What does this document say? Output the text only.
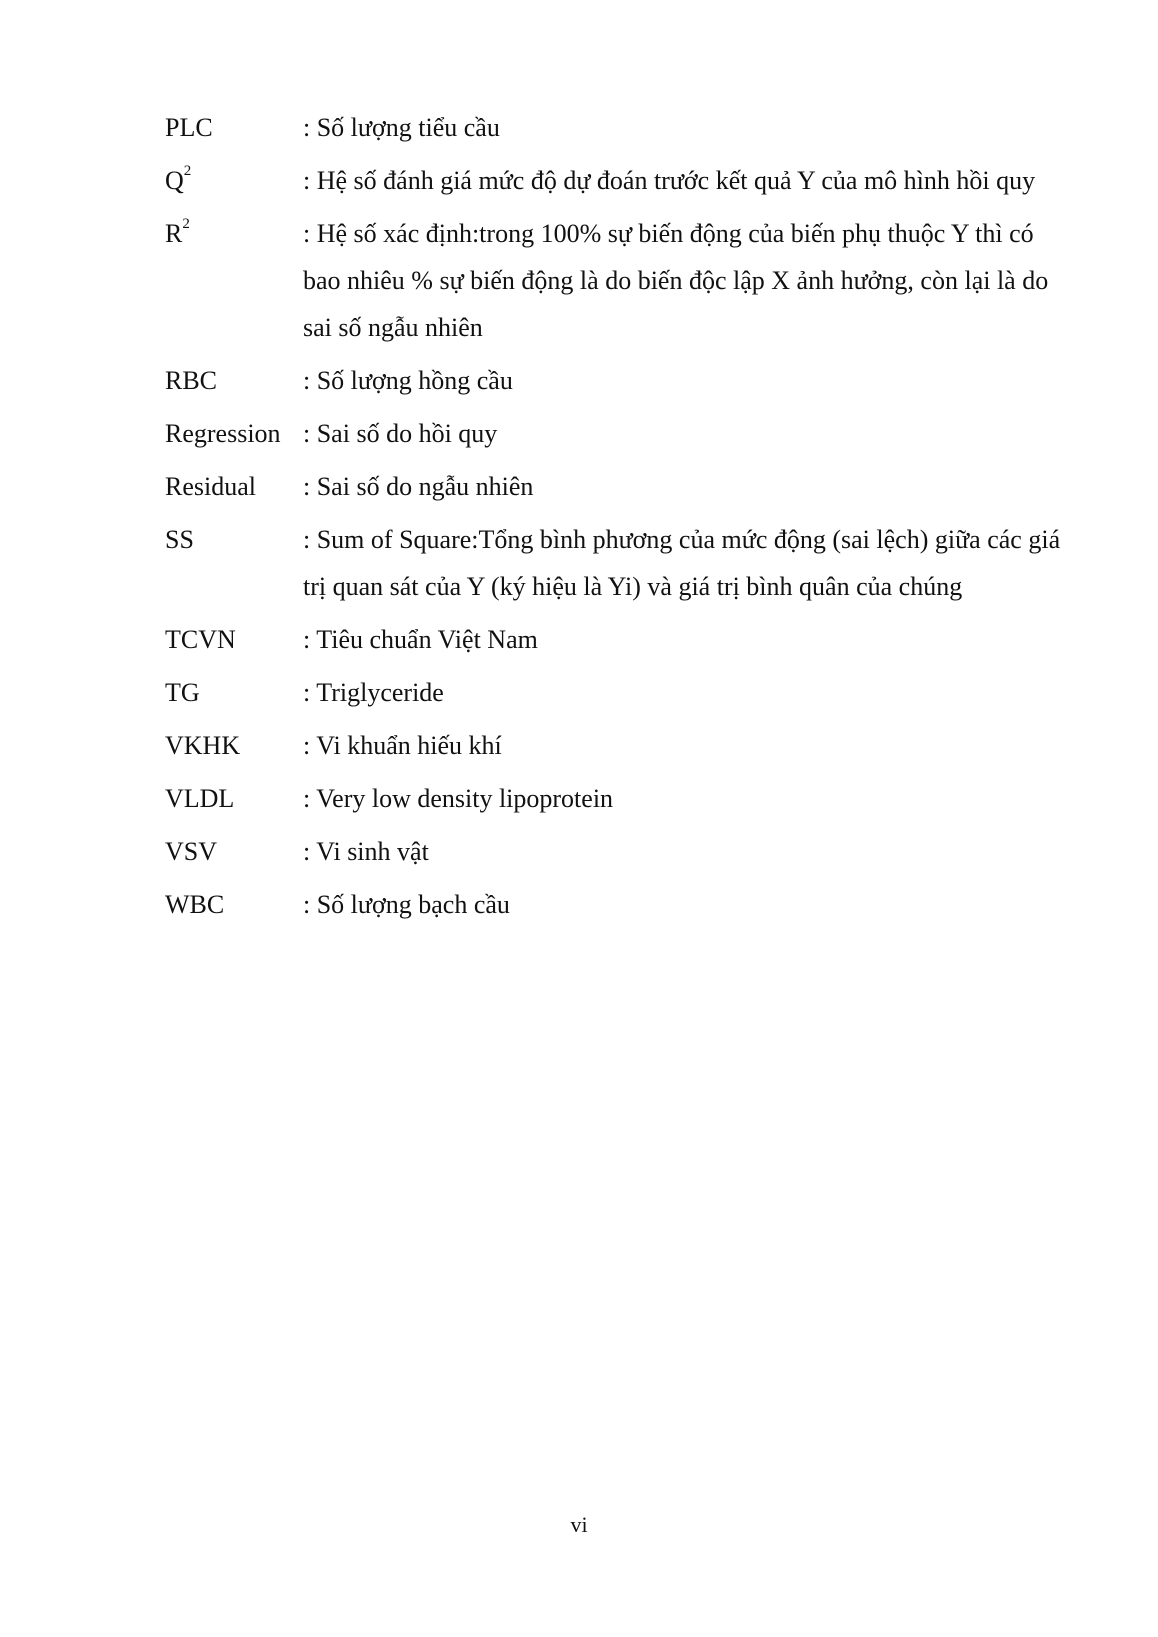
PLC	: Số lượng tiểu cầu
$Q^2$	: Hệ số đánh giá mức độ dự đoán trước kết quả Y của mô hình hồi quy
$R^2$	: Hệ số xác định:trong 100% sự biến động của biến phụ thuộc Y thì có bao nhiêu % sự biến động là do biến độc lập X ảnh hưởng, còn lại là do sai số ngẫu nhiên
RBC	: Số lượng hồng cầu
Regression : Sai số do hồi quy
Residual	: Sai số do ngẫu nhiên
SS	: Sum of Square:Tổng bình phương của mức động (sai lệch) giữa các giá trị quan sát của Y (ký hiệu là Yi) và giá trị bình quân của chúng
TCVN	: Tiêu chuẩn Việt Nam
TG	: Triglyceride
VKHK	: Vi khuẩn hiếu khí
VLDL	: Very low density lipoprotein
VSV	: Vi sinh vật
WBC	: Số lượng bạch cầu
vi
